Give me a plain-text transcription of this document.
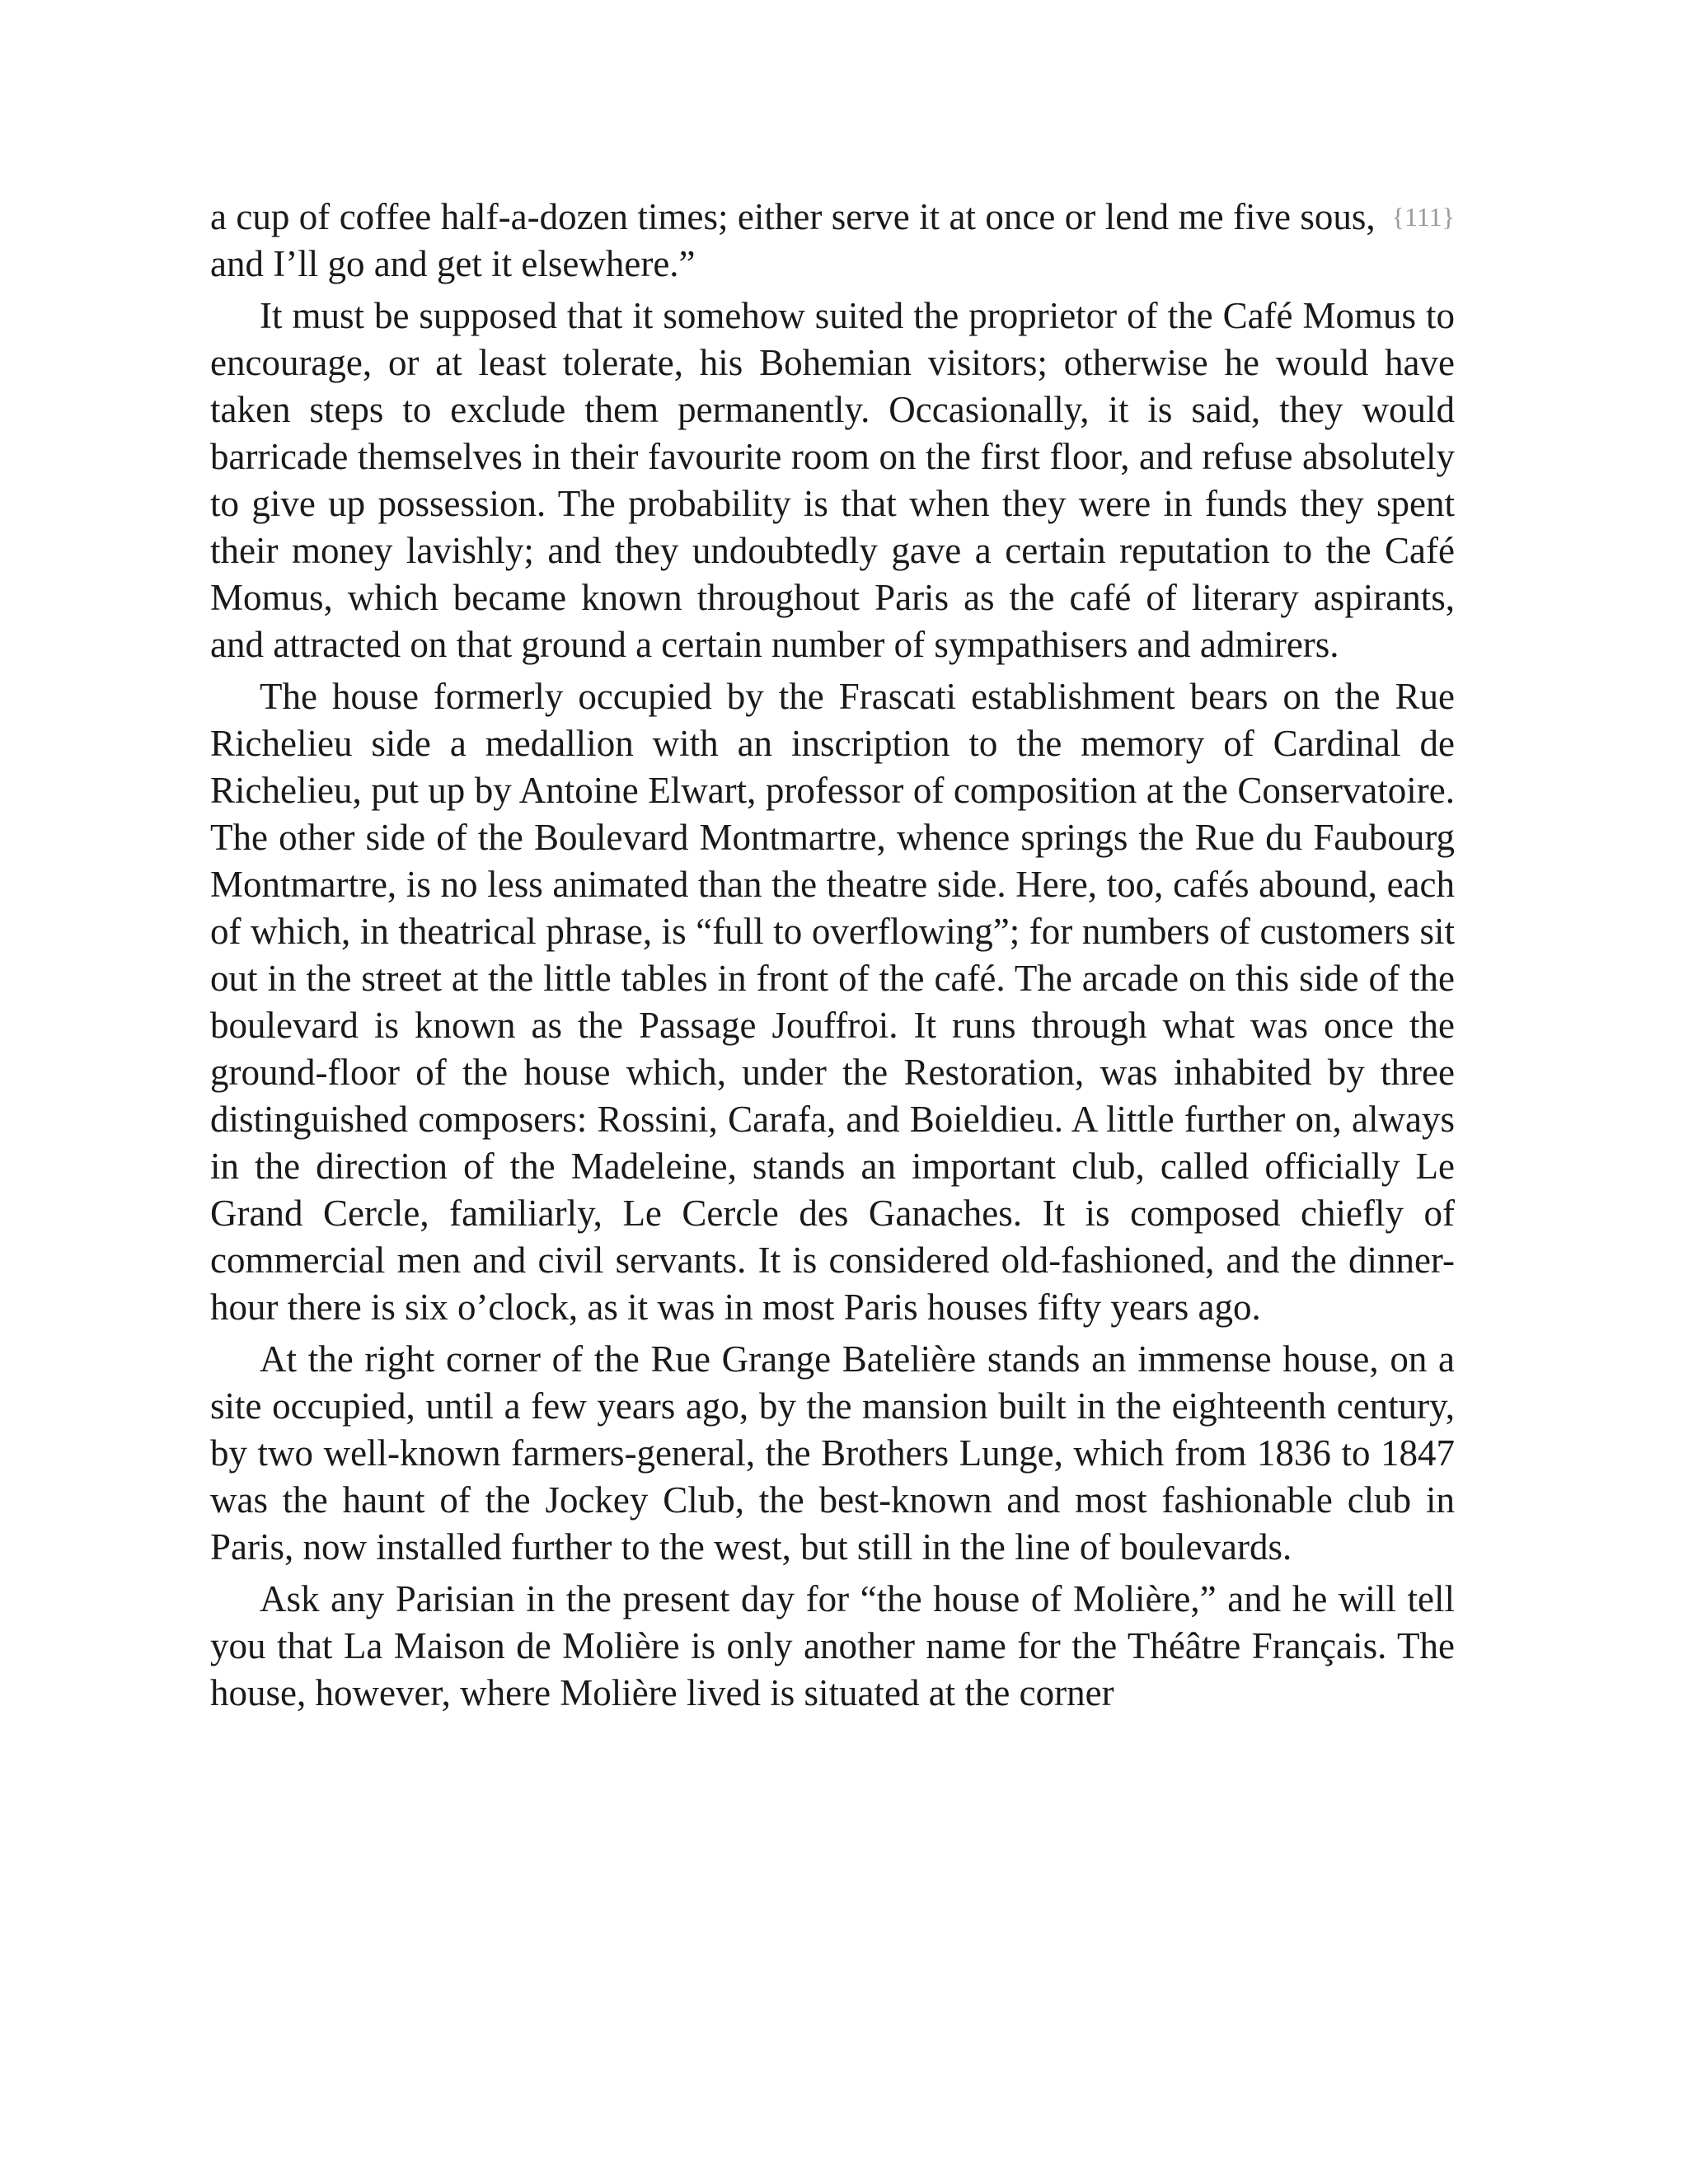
{111}
a cup of coffee half-a-dozen times; either serve it at once or lend me five sous, and I’ll go and get it elsewhere.”

It must be supposed that it somehow suited the proprietor of the Café Momus to encourage, or at least tolerate, his Bohemian visitors; otherwise he would have taken steps to exclude them permanently. Occasionally, it is said, they would barricade themselves in their favourite room on the first floor, and refuse absolutely to give up possession. The probability is that when they were in funds they spent their money lavishly; and they undoubtedly gave a certain reputation to the Café Momus, which became known throughout Paris as the café of literary aspirants, and attracted on that ground a certain number of sympathisers and admirers.

The house formerly occupied by the Frascati establishment bears on the Rue Richelieu side a medallion with an inscription to the memory of Cardinal de Richelieu, put up by Antoine Elwart, professor of composition at the Conservatoire. The other side of the Boulevard Montmartre, whence springs the Rue du Faubourg Montmartre, is no less animated than the theatre side. Here, too, cafés abound, each of which, in theatrical phrase, is “full to overflowing”; for numbers of customers sit out in the street at the little tables in front of the café. The arcade on this side of the boulevard is known as the Passage Jouffroi. It runs through what was once the ground-floor of the house which, under the Restoration, was inhabited by three distinguished composers: Rossini, Carafa, and Boieldieu. A little further on, always in the direction of the Madeleine, stands an important club, called officially Le Grand Cercle, familiarly, Le Cercle des Ganaches. It is composed chiefly of commercial men and civil servants. It is considered old-fashioned, and the dinner-hour there is six o’clock, as it was in most Paris houses fifty years ago.

At the right corner of the Rue Grange Batelière stands an immense house, on a site occupied, until a few years ago, by the mansion built in the eighteenth century, by two well-known farmers-general, the Brothers Lunge, which from 1836 to 1847 was the haunt of the Jockey Club, the best-known and most fashionable club in Paris, now installed further to the west, but still in the line of boulevards.

Ask any Parisian in the present day for “the house of Molière,” and he will tell you that La Maison de Molière is only another name for the Théâtre Français. The house, however, where Molière lived is situated at the corner
